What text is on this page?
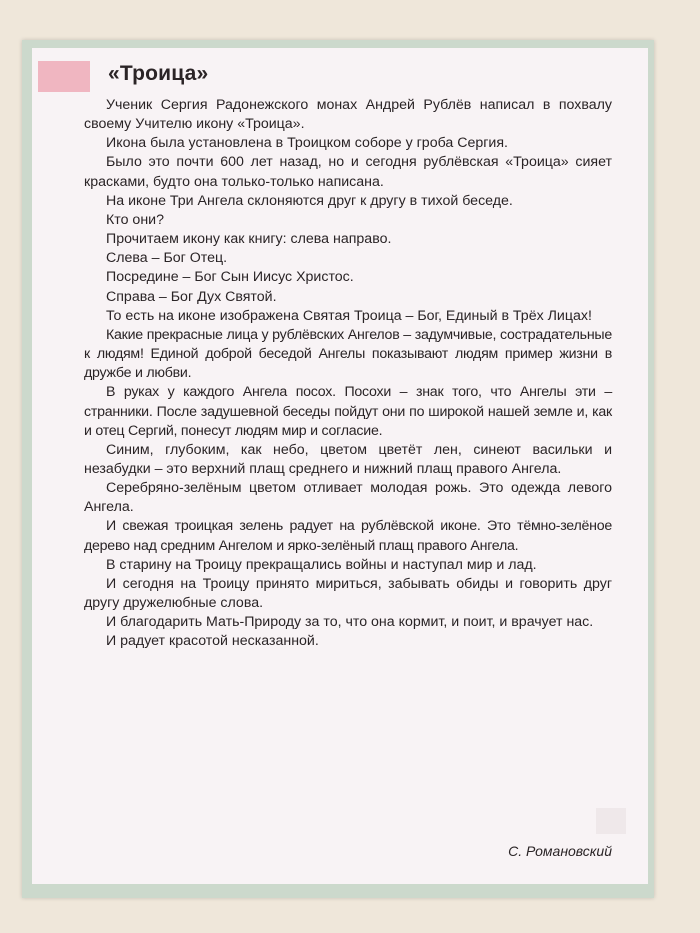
«Троица»

Ученик Сергия Радонежского монах Андрей Рублёв написал в похвалу своему Учителю икону «Троица».

Икона была установлена в Троицком соборе у гроба Сергия.

Было это почти 600 лет назад, но и сегодня рублёвская «Троица» сияет красками, будто она только-только написана.

На иконе Три Ангела склоняются друг к другу в тихой беседе.

Кто они?

Прочитаем икону как книгу: слева направо.

Слева – Бог Отец.

Посредине – Бог Сын Иисус Христос.

Справа – Бог Дух Святой.

То есть на иконе изображена Святая Троица – Бог, Единый в Трёх Лицах!

Какие прекрасные лица у рублёвских Ангелов – задумчивые, сострадательные к людям! Единой доброй беседой Ангелы показывают людям пример жизни в дружбе и любви.

В руках у каждого Ангела посох. Посохи – знак того, что Ангелы эти – странники. После задушевной беседы пойдут они по широкой нашей земле и, как и отец Сергий, понесут людям мир и согласие.

Синим, глубоким, как небо, цветом цветёт лен, синеют васильки и незабудки – это верхний плащ среднего и нижний плащ правого Ангела.

Серебряно-зелёным цветом отливает молодая рожь. Это одежда левого Ангела.

И свежая троицкая зелень радует на рублёвской иконе. Это тёмно-зелёное дерево над средним Ангелом и ярко-зелёный плащ правого Ангела.

В старину на Троицу прекращались войны и наступал мир и лад.

И сегодня на Троицу принято мириться, забывать обиды и говорить друг другу дружелюбные слова.

И благодарить Мать-Природу за то, что она кормит, и поит, и врачует нас.

И радует красотой несказанной.

С. Романовский
